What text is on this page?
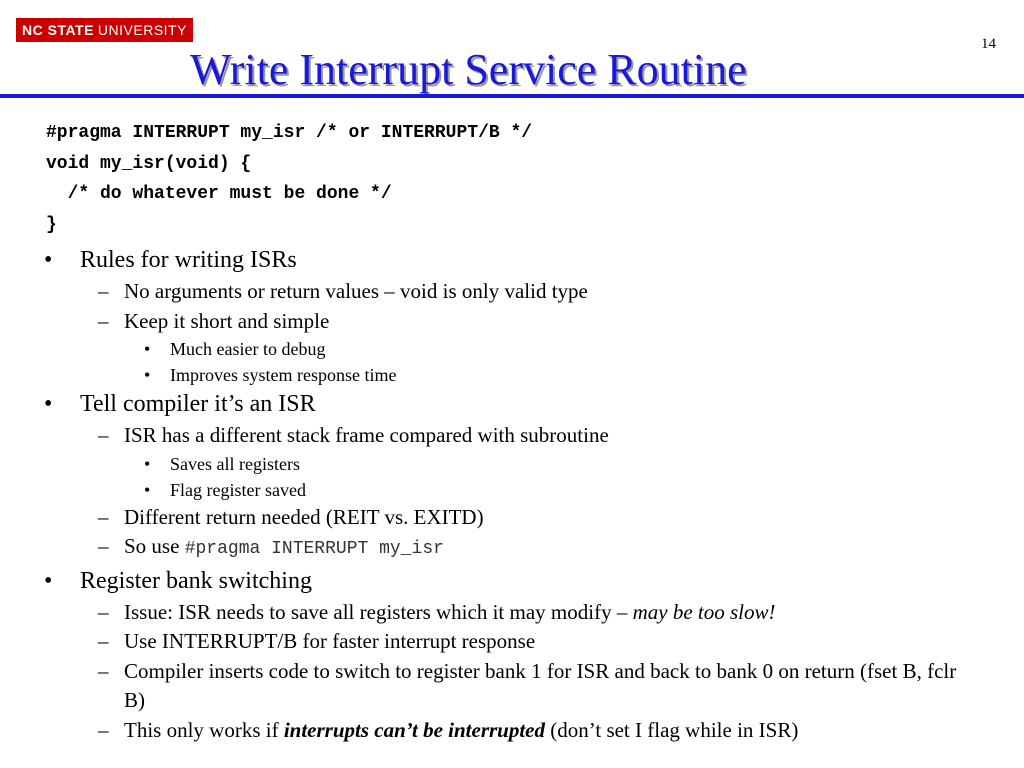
NC STATE UNIVERSITY
14
Write Interrupt Service Routine
#pragma INTERRUPT my_isr /* or INTERRUPT/B */
void my_isr(void) {
/* do whatever must be done */
}
• Rules for writing ISRs
– No arguments or return values – void is only valid type
– Keep it short and simple
• Much easier to debug
• Improves system response time
• Tell compiler it’s an ISR
– ISR has a different stack frame compared with subroutine
• Saves all registers
• Flag register saved
– Different return needed (REIT vs. EXITD)
– So use #pragma INTERRUPT my_isr
• Register bank switching
– Issue: ISR needs to save all registers which it may modify – may be too slow!
– Use INTERRUPT/B for faster interrupt response
– Compiler inserts code to switch to register bank 1 for ISR and back to bank 0 on return (fset B, fclr B)
– This only works if interrupts can’t be interrupted (don’t set I flag while in ISR)
